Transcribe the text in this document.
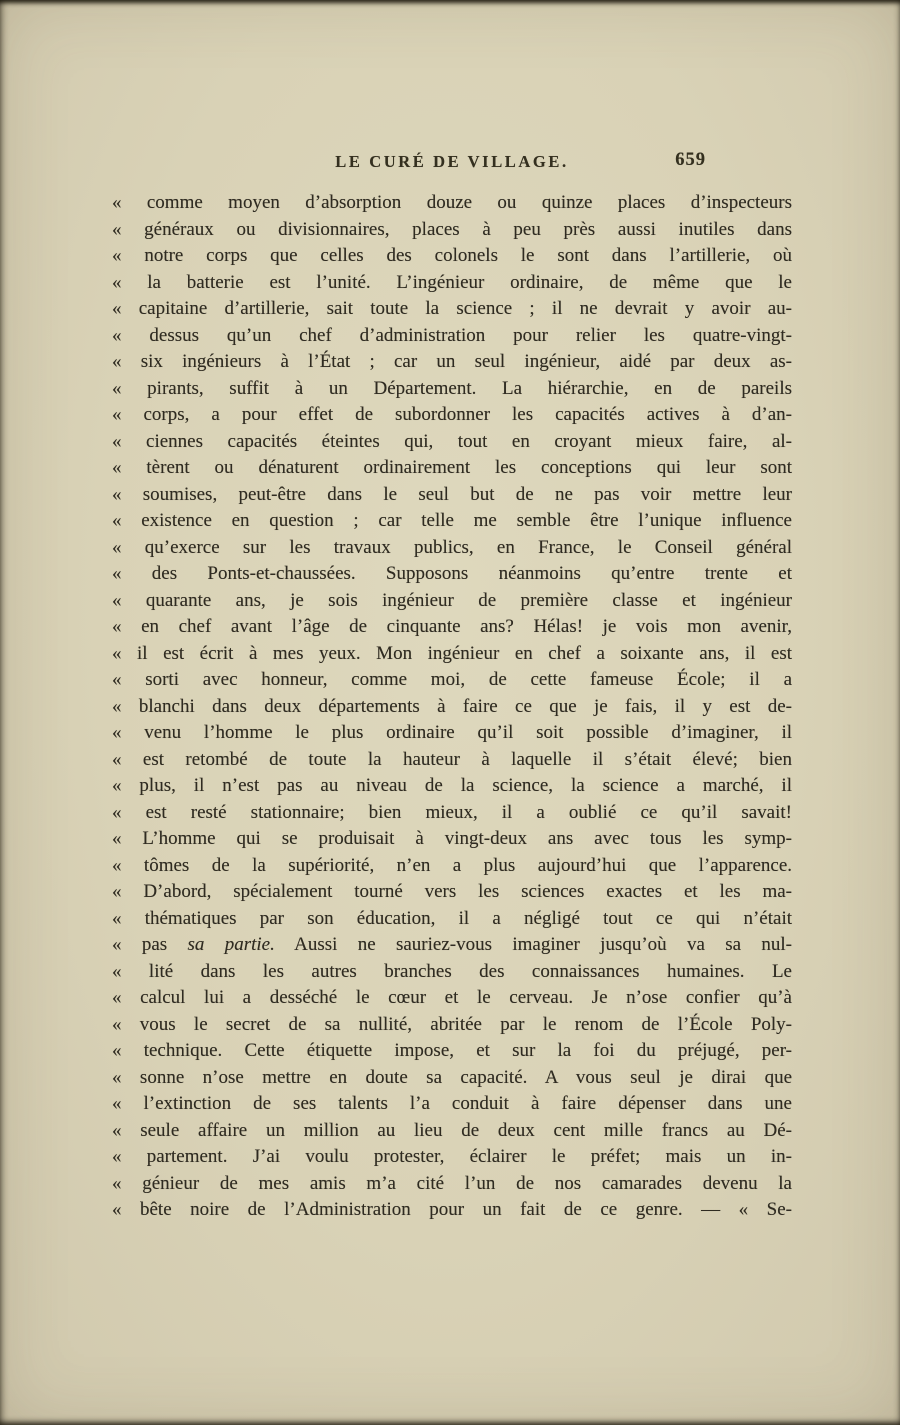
LE CURÉ DE VILLAGE.	659
« comme moyen d’absorption douze ou quinze places d’inspecteurs
« généraux ou divisionnaires, places à peu près aussi inutiles dans
« notre corps que celles des colonels le sont dans l’artillerie, où
« la batterie est l’unité. L’ingénieur ordinaire, de même que le
« capitaine d’artillerie, sait toute la science ; il ne devrait y avoir au-
« dessus qu’un chef d’administration pour relier les quatre-vingt-
« six ingénieurs à l’État ; car un seul ingénieur, aidé par deux as-
« pirants, suffit à un Département. La hiérarchie, en de pareils
« corps, a pour effet de subordonner les capacités actives à d’an-
« ciennes capacités éteintes qui, tout en croyant mieux faire, al-
« tèrent ou dénaturent ordinairement les conceptions qui leur sont
« soumises, peut-être dans le seul but de ne pas voir mettre leur
« existence en question ; car telle me semble être l’unique influence
« qu’exerce sur les travaux publics, en France, le Conseil général
« des Ponts-et-chaussées. Supposons néanmoins qu’entre trente et
« quarante ans, je sois ingénieur de première classe et ingénieur
« en chef avant l’âge de cinquante ans? Hélas! je vois mon avenir,
« il est écrit à mes yeux. Mon ingénieur en chef a soixante ans, il est
« sorti avec honneur, comme moi, de cette fameuse École; il a
« blanchi dans deux départements à faire ce que je fais, il y est de-
« venu l’homme le plus ordinaire qu’il soit possible d’imaginer, il
« est retombé de toute la hauteur à laquelle il s’était élevé; bien
« plus, il n’est pas au niveau de la science, la science a marché, il
« est resté stationnaire; bien mieux, il a oublié ce qu’il savait!
« L’homme qui se produisait à vingt-deux ans avec tous les symp-
« tômes de la supériorité, n’en a plus aujourd’hui que l’apparence.
« D’abord, spécialement tourné vers les sciences exactes et les ma-
« thématiques par son éducation, il a négligé tout ce qui n’était
« pas sa partie. Aussi ne sauriez-vous imaginer jusqu’où va sa nul-
« lité dans les autres branches des connaissances humaines. Le
« calcul lui a desséché le cœur et le cerveau. Je n’ose confier qu’à
« vous le secret de sa nullité, abritée par le renom de l’École Poly-
« technique. Cette étiquette impose, et sur la foi du préjugé, per-
« sonne n’ose mettre en doute sa capacité. A vous seul je dirai que
« l’extinction de ses talents l’a conduit à faire dépenser dans une
« seule affaire un million au lieu de deux cent mille francs au Dé-
« partement. J’ai voulu protester, éclairer le préfet; mais un in-
« génieur de mes amis m’a cité l’un de nos camarades devenu la
« bête noire de l’Administration pour un fait de ce genre. — « Se-
